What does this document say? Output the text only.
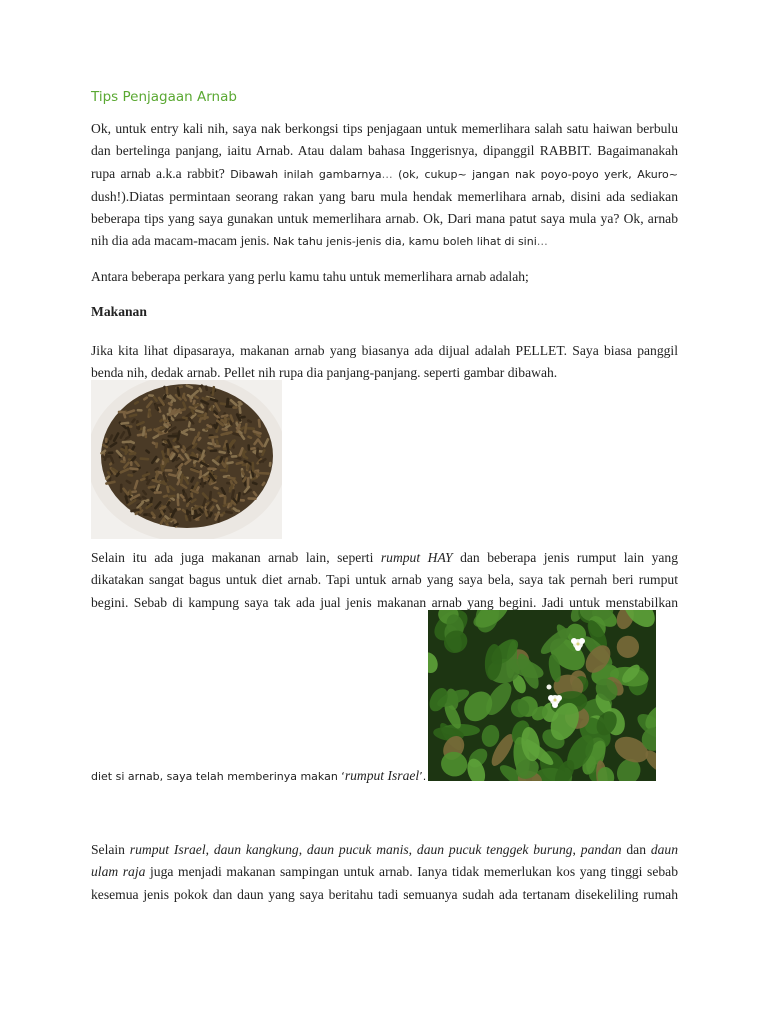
Tips Penjagaan Arnab
Ok, untuk entry kali nih, saya nak berkongsi tips penjagaan untuk memerlihara salah satu haiwan berbulu
dan bertelinga panjang, iaitu Arnab. Atau dalam bahasa Inggerisnya, dipanggil RABBIT. Bagaimanakah
rupa arnab a.k.a rabbit? Dibawah inilah gambarnya… (ok, cukup~ jangan nak poyo-poyo yerk, Akuro~
dush!).Diatas permintaan seorang rakan yang baru mula hendak memerlihara arnab, disini ada sediakan
beberapa tips yang saya gunakan untuk memerlihara arnab. Ok, Dari mana patut saya mula ya? Ok, arnab
nih dia ada macam-macam jenis. Nak tahu jenis-jenis dia, kamu boleh lihat di sini…
Antara beberapa perkara yang perlu kamu tahu untuk memerlihara arnab adalah;
Makanan
Jika kita lihat dipasaraya, makanan arnab yang biasanya ada dijual adalah PELLET. Saya biasa panggil
benda nih, dedak arnab. Pellet nih rupa dia panjang-panjang. seperti gambar dibawah.
Selain itu ada juga makanan arnab lain, seperti rumput HAY dan beberapa jenis rumput lain yang
dikatakan sangat bagus untuk diet arnab. Tapi untuk arnab yang saya bela, saya tak pernah beri rumput
begini. Sebab di kampung saya tak ada jual jenis makanan arnab yang begini. Jadi untuk menstabilkan
diet si arnab, saya telah memberinya makan ‘rumput Israel’.
Selain rumput Israel, daun kangkung, daun pucuk manis, daun pucuk tenggek burung, pandan dan daun
ulam raja juga menjadi makanan sampingan untuk arnab. Ianya tidak memerlukan kos yang tinggi sebab
kesemua jenis pokok dan daun yang saya beritahu tadi semuanya sudah ada tertanam disekeliling rumah
